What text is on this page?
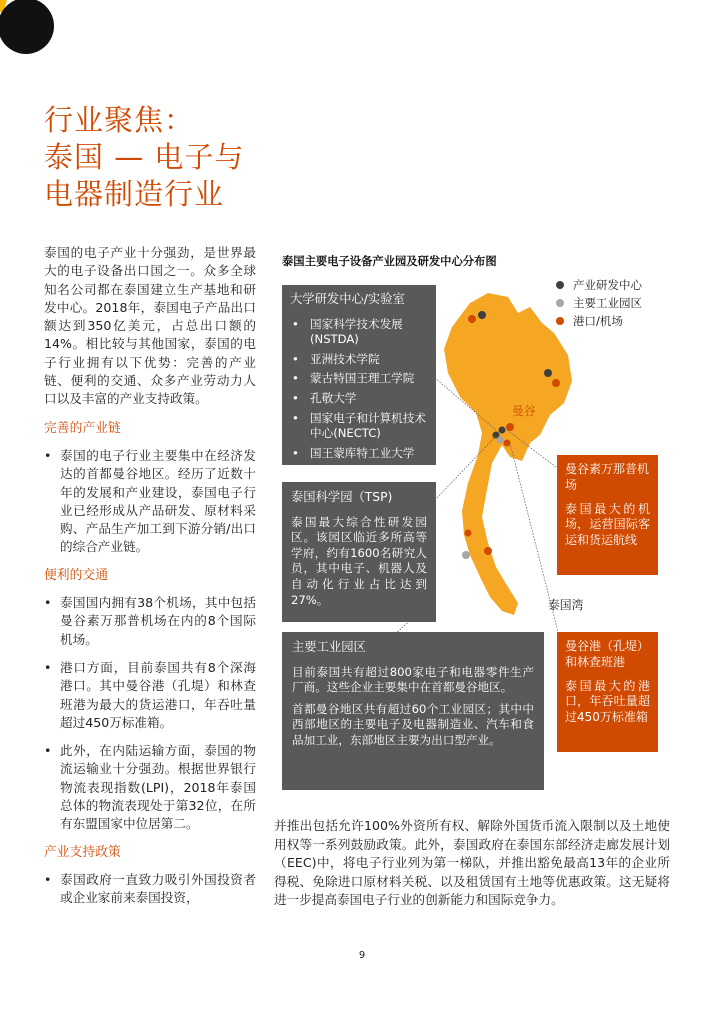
行业聚焦：
泰国 — 电子与
电器制造行业

泰国的电子产业十分强劲，是世界最大的电子设备出口国之一。众多全球知名公司都在泰国建立生产基地和研发中心。2018年，泰国电子产品出口额达到350亿美元，占总出口额的14%。相比较与其他国家，泰国的电子行业拥有以下优势：完善的产业链、便利的交通、众多产业劳动力人口以及丰富的产业支持政策。

完善的产业链

• 泰国的电子行业主要集中在经济发达的首都曼谷地区。经历了近数十年的发展和产业建设，泰国电子行业已经形成从产品研发、原材料采购、产品生产加工到下游分销/出口的综合产业链。

便利的交通

• 泰国国内拥有38个机场，其中包括曼谷素万那普机场在内的8个国际机场。
• 港口方面，目前泰国共有8个深海港口。其中曼谷港（孔堤）和林查班港为最大的货运港口，年吞吐量超过450万标准箱。
• 此外，在内陆运输方面，泰国的物流运输业十分强劲。根据世界银行物流表现指数(LPI)，2018年泰国总体的物流表现处于第32位，在所有东盟国家中位居第二。

产业支持政策

• 泰国政府一直致力吸引外国投资者或企业家前来泰国投资，
泰国主要电子设备产业园及研发中心分布图
产业研发中心
主要工业园区
港口/机场
曼谷
泰国湾
大学研发中心/实验室
• 国家科学技术发展(NSTDA)
• 亚洲技术学院
• 蒙古特国王理工学院
• 孔敬大学
• 国家电子和计算机技术中心(NECTC)
• 国王蒙库特工业大学
泰国科学园（TSP)

泰国最大综合性研发园区。该园区临近多所高等学府，约有1600名研究人员，其中电子、机器人及自动化行业占比达到 27%。

主要工业园区

目前泰国共有超过800家电子和电器零件生产厂商。这些企业主要集中在首都曼谷地区。

首都曼谷地区共有超过60个工业园区；其中中西部地区的主要电子及电器制造业、汽车和食品加工业，东部地区主要为出口型产业。

曼谷素万那普机场

泰国最大的机场，运营国际客运和货运航线

曼谷港（孔堤）和林查班港

泰国最大的港口，年吞吐量超过450万标准箱

并推出包括允许100%外资所有权、解除外国货币流入限制以及土地使用权等一系列鼓励政策。此外，泰国政府在泰国东部经济走廊发展计划（EEC)中，将电子行业列为第一梯队，并推出豁免最高13年的企业所得税、免除进口原材料关税、以及租赁国有土地等优惠政策。这无疑将进一步提高泰国电子行业的创新能力和国际竞争力。

9
